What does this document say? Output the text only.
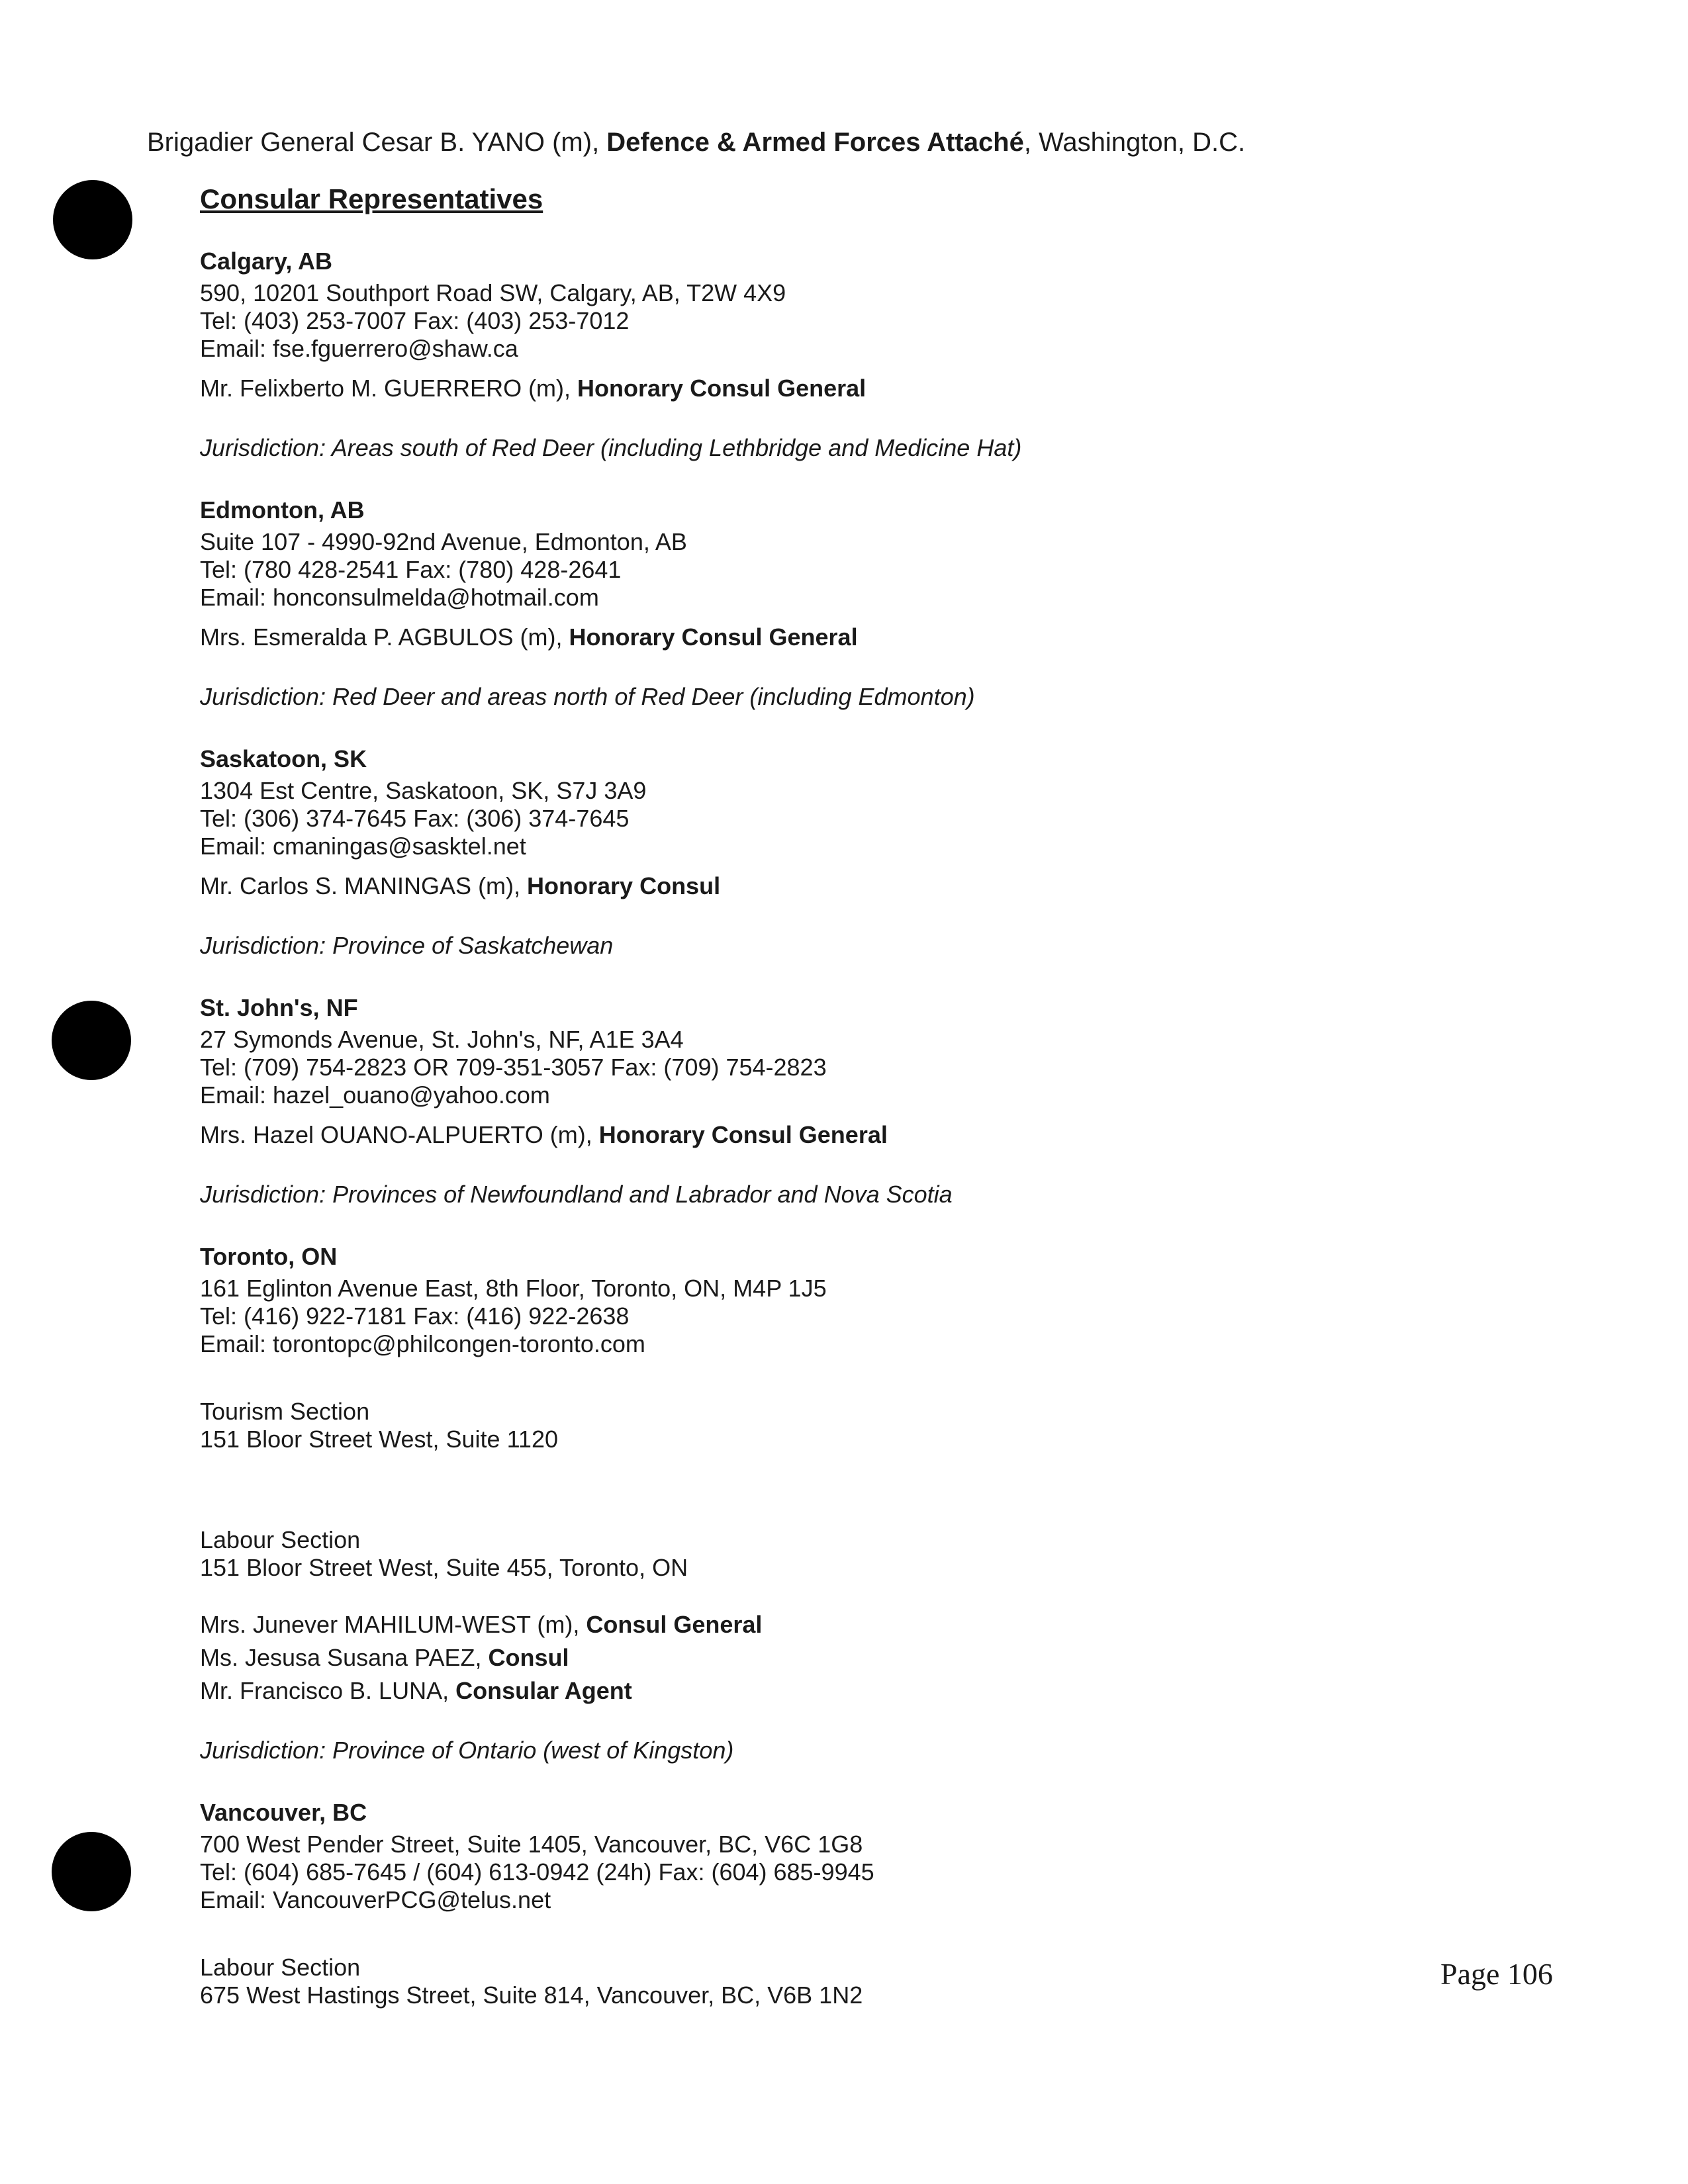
Brigadier General Cesar B. YANO (m), Defence & Armed Forces Attaché, Washington, D.C.
Consular Representatives
Calgary, AB
590, 10201 Southport Road SW, Calgary, AB, T2W 4X9
Tel: (403) 253-7007 Fax: (403) 253-7012
Email: fse.fguerrero@shaw.ca
Mr. Felixberto M. GUERRERO (m), Honorary Consul General
Jurisdiction: Areas south of Red Deer (including Lethbridge and Medicine Hat)
Edmonton, AB
Suite 107 - 4990-92nd Avenue, Edmonton, AB
Tel: (780 428-2541 Fax: (780) 428-2641
Email: honconsulmelda@hotmail.com
Mrs. Esmeralda P. AGBULOS (m), Honorary Consul General
Jurisdiction: Red Deer and areas north of Red Deer (including Edmonton)
Saskatoon, SK
1304 Est Centre, Saskatoon, SK, S7J 3A9
Tel: (306) 374-7645 Fax: (306) 374-7645
Email: cmaningas@sasktel.net
Mr. Carlos S. MANINGAS (m), Honorary Consul
Jurisdiction: Province of Saskatchewan
St. John's, NF
27 Symonds Avenue, St. John's, NF, A1E 3A4
Tel: (709) 754-2823 OR 709-351-3057 Fax: (709) 754-2823
Email: hazel_ouano@yahoo.com
Mrs. Hazel OUANO-ALPUERTO (m), Honorary Consul General
Jurisdiction: Provinces of Newfoundland and Labrador and Nova Scotia
Toronto, ON
161 Eglinton Avenue East, 8th Floor, Toronto, ON, M4P 1J5
Tel: (416) 922-7181 Fax: (416) 922-2638
Email: torontopc@philcongen-toronto.com
Tourism Section
151 Bloor Street West, Suite 1120
Labour Section
151 Bloor Street West, Suite 455, Toronto, ON
Mrs. Junever MAHILUM-WEST (m), Consul General
Ms. Jesusa Susana PAEZ, Consul
Mr. Francisco B. LUNA, Consular Agent
Jurisdiction: Province of Ontario (west of Kingston)
Vancouver, BC
700 West Pender Street, Suite 1405, Vancouver, BC, V6C 1G8
Tel: (604) 685-7645 / (604) 613-0942 (24h) Fax: (604) 685-9945
Email: VancouverPCG@telus.net
Labour Section
675 West Hastings Street, Suite 814, Vancouver, BC, V6B 1N2
Page 106
